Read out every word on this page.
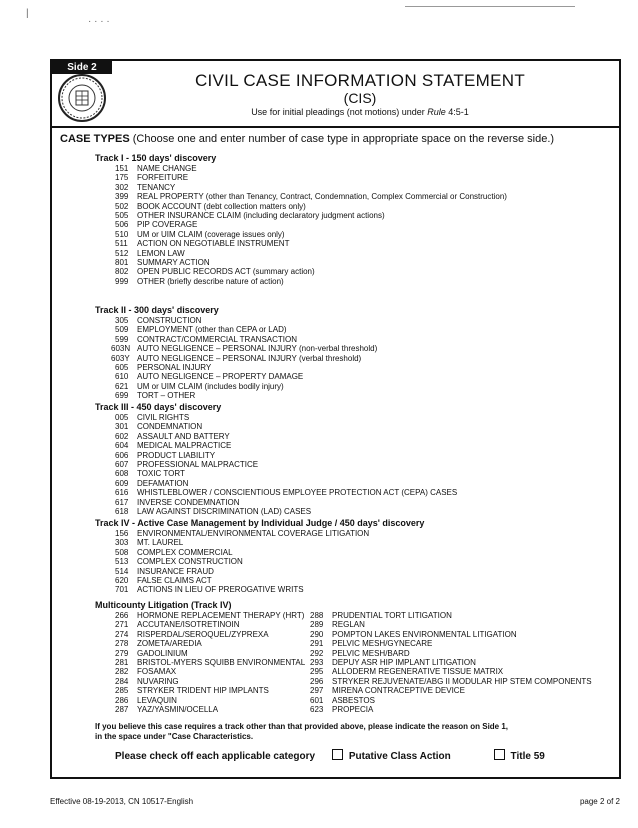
|
· · · ·
Side 2
CIVIL CASE INFORMATION STATEMENT
(CIS)
Use for initial pleadings (not motions) under Rule 4:5-1
CASE TYPES (Choose one and enter number of case type in appropriate space on the reverse side.)
Track I - 150 days' discovery
151 NAME CHANGE
175 FORFEITURE
302 TENANCY
399 REAL PROPERTY (other than Tenancy, Contract, Condemnation, Complex Commercial or Construction)
502 BOOK ACCOUNT (debt collection matters only)
505 OTHER INSURANCE CLAIM (including declaratory judgment actions)
506 PIP COVERAGE
510 UM or UIM CLAIM (coverage issues only)
511 ACTION ON NEGOTIABLE INSTRUMENT
512 LEMON LAW
801 SUMMARY ACTION
802 OPEN PUBLIC RECORDS ACT (summary action)
999 OTHER (briefly describe nature of action)
Track II - 300 days' discovery
305 CONSTRUCTION
509 EMPLOYMENT (other than CEPA or LAD)
599 CONTRACT/COMMERCIAL TRANSACTION
603N AUTO NEGLIGENCE – PERSONAL INJURY (non-verbal threshold)
603Y AUTO NEGLIGENCE – PERSONAL INJURY (verbal threshold)
605 PERSONAL INJURY
610 AUTO NEGLIGENCE – PROPERTY DAMAGE
621 UM or UIM CLAIM (includes bodily injury)
699 TORT – OTHER
Track III - 450 days' discovery
005 CIVIL RIGHTS
301 CONDEMNATION
602 ASSAULT AND BATTERY
604 MEDICAL MALPRACTICE
606 PRODUCT LIABILITY
607 PROFESSIONAL MALPRACTICE
608 TOXIC TORT
609 DEFAMATION
616 WHISTLEBLOWER / CONSCIENTIOUS EMPLOYEE PROTECTION ACT (CEPA) CASES
617 INVERSE CONDEMNATION
618 LAW AGAINST DISCRIMINATION (LAD) CASES
Track IV - Active Case Management by Individual Judge / 450 days' discovery
156 ENVIRONMENTAL/ENVIRONMENTAL COVERAGE LITIGATION
303 MT. LAUREL
508 COMPLEX COMMERCIAL
513 COMPLEX CONSTRUCTION
514 INSURANCE FRAUD
620 FALSE CLAIMS ACT
701 ACTIONS IN LIEU OF PREROGATIVE WRITS
Multicounty Litigation (Track IV)
266 HORMONE REPLACEMENT THERAPY (HRT)
271 ACCUTANE/ISOTRETINOIN
274 RISPERDAL/SEROQUEL/ZYPREXA
278 ZOMETA/AREDIA
279 GADOLINIUM
281 BRISTOL-MYERS SQUIBB ENVIRONMENTAL
282 FOSAMAX
284 NUVARING
285 STRYKER TRIDENT HIP IMPLANTS
286 LEVAQUIN
287 YAZ/YASMIN/OCELLA
288 PRUDENTIAL TORT LITIGATION
289 REGLAN
290 POMPTON LAKES ENVIRONMENTAL LITIGATION
291 PELVIC MESH/GYNECARE
292 PELVIC MESH/BARD
293 DEPUY ASR HIP IMPLANT LITIGATION
295 ALLODERM REGENERATIVE TISSUE MATRIX
296 STRYKER REJUVENATE/ABG II MODULAR HIP STEM COMPONENTS
297 MIRENA CONTRACEPTIVE DEVICE
601 ASBESTOS
623 PROPECIA
If you believe this case requires a track other than that provided above, please indicate the reason on Side 1,
in the space under "Case Characteristics.
Please check off each applicable category	Putative Class Action	Title 59
Effective 08-19-2013, CN 10517-English	page 2 of 2
